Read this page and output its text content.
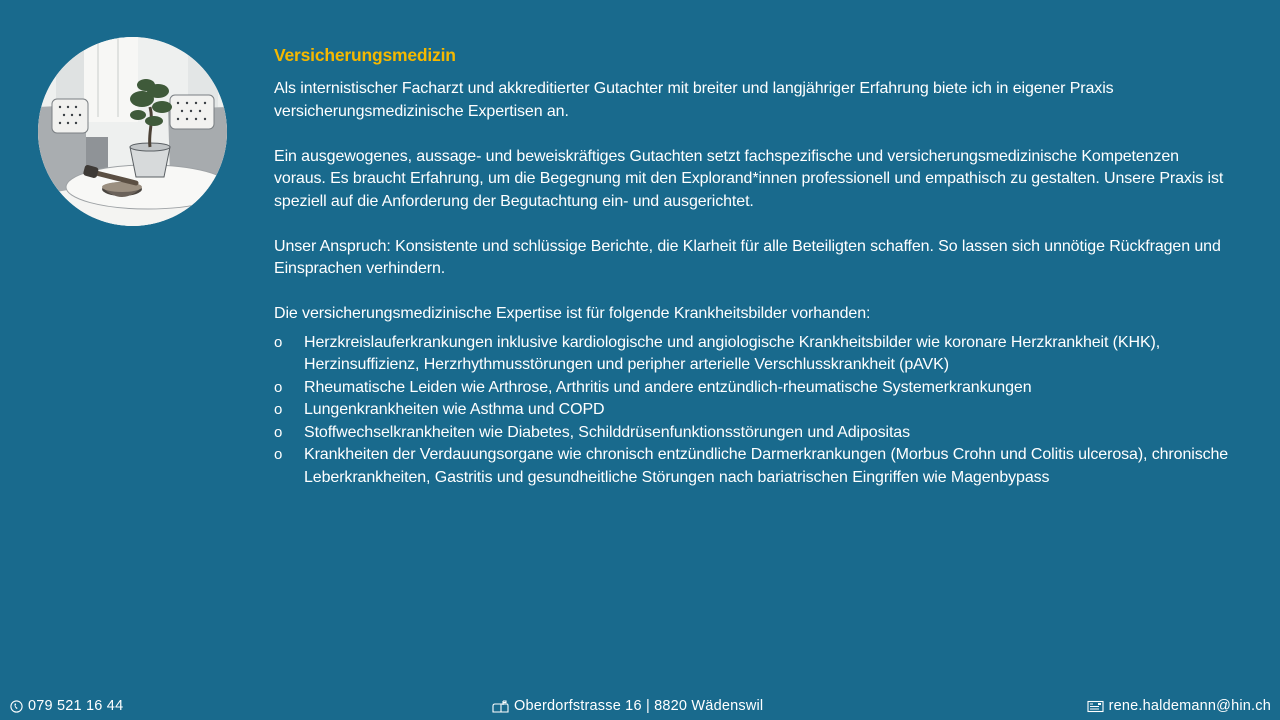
Versicherungsmedizin

Als internistischer Facharzt und akkreditierter Gutachter mit breiter und langjähriger Erfahrung biete ich in eigener Praxis versicherungsmedizinische Expertisen an.

Ein ausgewogenes, aussage- und beweiskräftiges Gutachten setzt fachspezifische und versicherungsmedizinische Kompetenzen voraus. Es braucht Erfahrung, um die Begegnung mit den Explorand*innen professionell und empathisch zu gestalten. Unsere Praxis ist speziell auf die Anforderung der Begutachtung ein- und ausgerichtet.

Unser Anspruch: Konsistente und schlüssige Berichte, die Klarheit für alle Beteiligten schaffen. So lassen sich unnötige Rückfragen und Einsprachen verhindern.

Die versicherungsmedizinische Expertise ist für folgende Krankheitsbilder vorhanden:

o Herzkreislauferkrankungen inklusive kardiologische und angiologische Krankheitsbilder wie koronare Herzkrankheit (KHK), Herzinsuffizienz, Herzrhythmusstörungen und peripher arterielle Verschlusskrankheit (pAVK)
o Rheumatische Leiden wie Arthrose, Arthritis und andere entzündlich-rheumatische Systemerkrankungen
o Lungenkrankheiten wie Asthma und COPD
o Stoffwechselkrankheiten wie Diabetes, Schilddrüsenfunktionsstörungen und Adipositas
o Krankheiten der Verdauungsorgane wie chronisch entzündliche Darmerkrankungen (Morbus Crohn und Colitis ulcerosa), chronische Leberkrankheiten, Gastritis und gesundheitliche Störungen nach bariatrischen Eingriffen wie Magenbypass
079 521 16 44	Oberdorfstrasse 16 | 8820 Wädenswil	rene.haldemann@hin.ch
